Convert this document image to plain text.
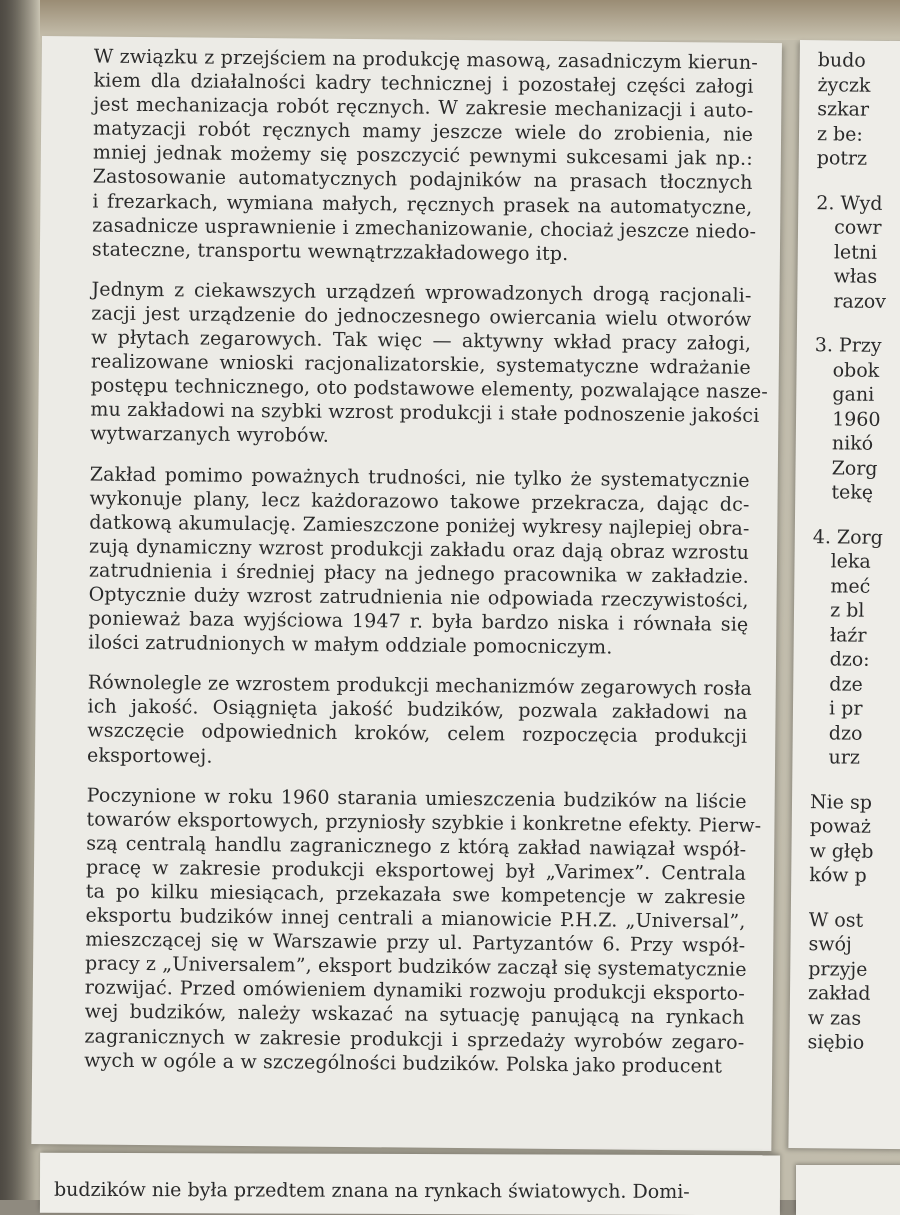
budo
życzk
szkar
z be:
potrz
2. Wyd
cowr
letni
włas
razov
3. Przy
obok
gani
1960
nikó
Zorg
tekę
4. Zorg
leka
meć
z bl
łaźr
dzo:
dze
i pr
dzo
urz
Nie sp
poważ
w głęb
ków p
W ost
swój
przyje
zakład
w zas
siębio
W związku z przejściem na produkcję masową, zasadniczym kierun-
kiem dla działalności kadry technicznej i pozostałej części załogi
jest mechanizacja robót ręcznych. W zakresie mechanizacji i auto-
matyzacji robót ręcznych mamy jeszcze wiele do zrobienia, nie
mniej jednak możemy się poszczycić pewnymi sukcesami jak np.:
Zastosowanie automatycznych podajników na prasach tłocznych
i frezarkach, wymiana małych, ręcznych prasek na automatyczne,
zasadnicze usprawnienie i zmechanizowanie, chociaż jeszcze niedo-
stateczne, transportu wewnątrzzakładowego itp.
Jednym z ciekawszych urządzeń wprowadzonych drogą racjonali-
zacji jest urządzenie do jednoczesnego owiercania wielu otworów
w płytach zegarowych. Tak więc — aktywny wkład pracy załogi,
realizowane wnioski racjonalizatorskie, systematyczne wdrażanie
postępu technicznego, oto podstawowe elementy, pozwalające nasze-
mu zakładowi na szybki wzrost produkcji i stałe podnoszenie jakości
wytwarzanych wyrobów.
Zakład pomimo poważnych trudności, nie tylko że systematycznie
wykonuje plany, lecz każdorazowo takowe przekracza, dając dc-
datkową akumulację. Zamieszczone poniżej wykresy najlepiej obra-
zują dynamiczny wzrost produkcji zakładu oraz dają obraz wzrostu
zatrudnienia i średniej płacy na jednego pracownika w zakładzie.
Optycznie duży wzrost zatrudnienia nie odpowiada rzeczywistości,
ponieważ baza wyjściowa 1947 r. była bardzo niska i równała się
ilości zatrudnionych w małym oddziale pomocniczym.
Równolegle ze wzrostem produkcji mechanizmów zegarowych rosła
ich jakość. Osiągnięta jakość budzików, pozwala zakładowi na
wszczęcie odpowiednich kroków, celem rozpoczęcia produkcji
eksportowej.
Poczynione w roku 1960 starania umieszczenia budzików na liście
towarów eksportowych, przyniosły szybkie i konkretne efekty. Pierw-
szą centralą handlu zagranicznego z którą zakład nawiązał współ-
pracę w zakresie produkcji eksportowej był „Varimex”. Centrala
ta po kilku miesiącach, przekazała swe kompetencje w zakresie
eksportu budzików innej centrali a mianowicie P.H.Z. „Universal”,
mieszczącej się w Warszawie przy ul. Partyzantów 6. Przy współ-
pracy z „Universalem”, eksport budzików zaczął się systematycznie
rozwijać. Przed omówieniem dynamiki rozwoju produkcji eksporto-
wej budzików, należy wskazać na sytuację panującą na rynkach
zagranicznych w zakresie produkcji i sprzedaży wyrobów zegaro-
wych w ogóle a w szczególności budzików. Polska jako producent
budzików nie była przedtem znana na rynkach światowych. Domi-
